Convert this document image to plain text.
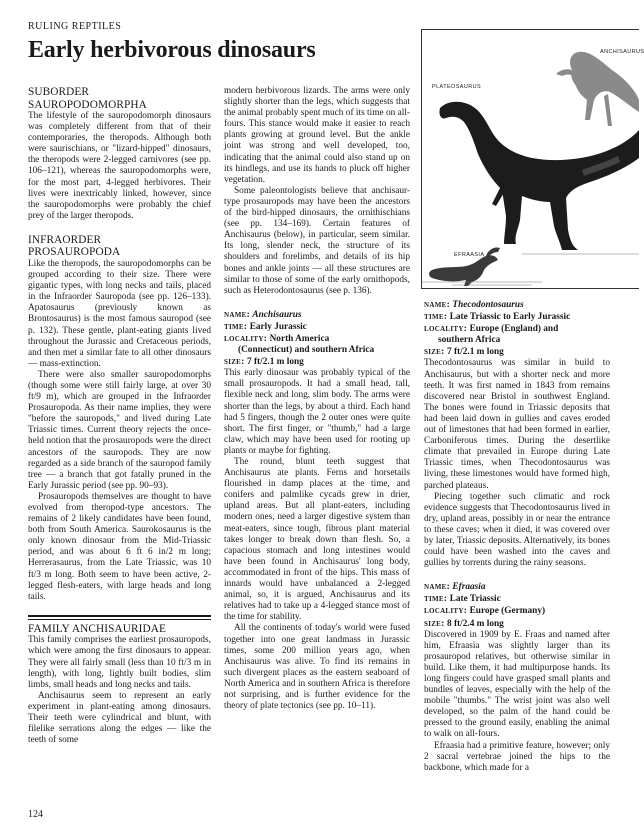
RULING REPTILES
Early herbivorous dinosaurs
SUBORDER
SAUROPODOMORPHA

The lifestyle of the sauropodomorph dinosaurs was completely different from that of their contemporaries, the theropods. Although both were saurischians, or "lizard-hipped" dinosaurs, the theropods were 2-legged carnivores (see pp. 106–121), whereas the sauropodomorphs were, for the most part, 4-legged herbivores. Their lives were inextricably linked, however, since the sauropodomorphs were probably the chief prey of the larger theropods.

INFRAORDER
PROSAUROPODA

Like the theropods, the sauropodomorphs can be grouped according to their size. There were gigantic types, with long necks and tails, placed in the Infraorder Sauropoda (see pp. 126–133). Apatosaurus (previously known as Brontosaurus) is the most famous sauropod (see p. 132). These gentle, plant-eating giants lived throughout the Jurassic and Cretaceous periods, and then met a similar fate to all other dinosaurs — mass-extinction.

There were also smaller sauropodomorphs (though some were still fairly large, at over 30 ft/9 m), which are grouped in the Infraorder Prosauropoda. As their name implies, they were "before the sauropods," and lived during Late Triassic times. Current theory rejects the once-held notion that the prosauropods were the direct ancestors of the sauropods. They are now regarded as a side branch of the sauropod family tree — a branch that got fatally pruned in the Early Jurassic period (see pp. 90–93).

Prosauropods themselves are thought to have evolved from theropod-type ancestors. The remains of 2 likely candidates have been found, both from South America. Saurokosaurus is the only known dinosaur from the Mid-Triassic period, and was about 6 ft 6 in/2 m long; Herrerasaurus, from the Late Triassic, was 10 ft/3 m long. Both seem to have been active, 2-legged flesh-eaters, with large heads and long tails.

FAMILY ANCHISAURIDAE

This family comprises the earliest prosauropods, which were among the first dinosaurs to appear. They were all fairly small (less than 10 ft/3 m in length), with long, lightly built bodies, slim limbs, small heads and long necks and tails.

Anchisaurus seem to represent an early experiment in plant-eating among dinosaurs. Their teeth were cylindrical and blunt, with filelike serrations along the edges — like the teeth of some

modern herbivorous lizards. The arms were only slightly shorter than the legs, which suggests that the animal probably spent much of its time on all-fours. This stance would make it easier to reach plants growing at ground level. But the ankle joint was strong and well developed, too, indicating that the animal could also stand up on its hindlegs, and use its hands to pluck off higher vegetation.

Some paleontologists believe that anchisaur-type prosauropods may have been the ancestors of the bird-hipped dinosaurs, the ornithischians (see pp. 134–169). Certain features of Anchisaurus (below), in particular, seem similar. Its long, slender neck, the structure of its shoulders and forelimbs, and details of its hip bones and ankle joints — all these structures are similar to those of some of the early ornithopods, such as Heterodontosaurus (see p. 136).

name: Anchisaurus

time: Early Jurassic

locality: North America
(Connecticut) and southern Africa

size: 7 ft/2.1 m long

This early dinosaur was probably typical of the small prosauropods. It had a small head, tall, flexible neck and long, slim body. The arms were shorter than the legs, by about a third. Each hand had 5 fingers, though the 2 outer ones were quite short. The first finger, or "thumb," had a large claw, which may have been used for rooting up plants or maybe for fighting.

The round, blunt teeth suggest that Anchisaurus ate plants. Ferns and horsetails flourished in damp places at the time, and conifers and palmlike cycads grew in drier, upland areas. But all plant-eaters, including modern ones, need a larger digestive system than meat-eaters, since tough, fibrous plant material takes longer to break down than flesh. So, a capacious stomach and long intestines would have been found in Anchisaurus' long body, accommodated in front of the hips. This mass of innards would have unbalanced a 2-legged animal, so, it is argued, Anchisaurus and its relatives had to take up a 4-legged stance most of the time for stability.

All the continents of today's world were fused together into one great landmass in Jurassic times, some 200 million years ago, when Anchisaurus was alive. To find its remains in such divergent places as the eastern seaboard of North America and in southern Africa is therefore not surprising, and is further evidence for the theory of plate tectonics (see pp. 10–11).

ANCHISAURUS
PLATEOSAURUS
EFRAASIA

name: Thecodontosaurus

time: Late Triassic to Early Jurassic

locality: Europe (England) and
southern Africa

size: 7 ft/2.1 m long

Thecodontosaurus was similar in build to Anchisaurus, but with a shorter neck and more teeth. It was first named in 1843 from remains discovered near Bristol in southwest England. The bones were found in Triassic deposits that had been laid down in gullies and caves eroded out of limestones that had been formed in earlier, Carboniferous times. During the desertlike climate that prevailed in Europe during Late Triassic times, when Thecodontosaurus was living, these limestones would have formed high, parched plateaus.

Piecing together such climatic and rock evidence suggests that Thecodontosaurus lived in dry, upland areas, possibly in or near the entrance to these caves; when it died, it was covered over by later, Triassic deposits. Alternatively, its bones could have been washed into the caves and gullies by torrents during the rainy seasons.

name: Efraasia

time: Late Triassic

locality: Europe (Germany)

size: 8 ft/2.4 m long

Discovered in 1909 by E. Fraas and named after him, Efraasia was slightly larger than its prosauropod relatives, but otherwise similar in build. Like them, it had multipurpose hands. Its long fingers could have grasped small plants and bundles of leaves, especially with the help of the mobile "thumbs." The wrist joint was also well developed, so the palm of the hand could be pressed to the ground easily, enabling the animal to walk on all-fours.

Efraasia had a primitive feature, however; only 2 sacral vertebrae joined the hips to the backbone, which made for a

124
